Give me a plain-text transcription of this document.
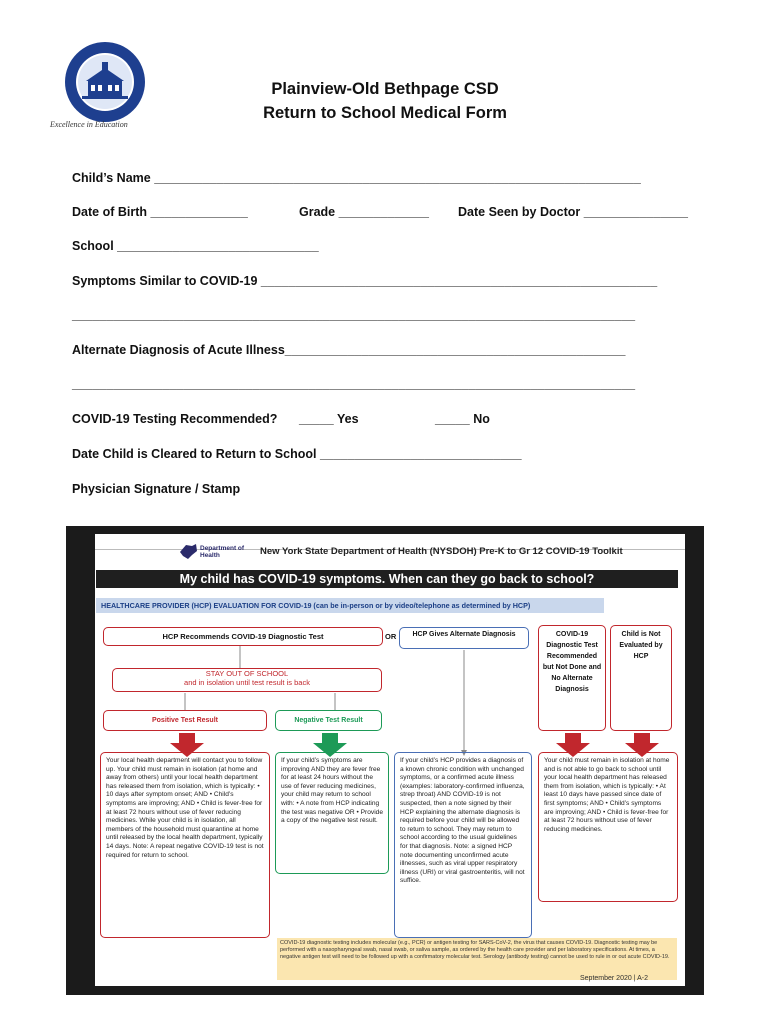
Excellence in Education
Plainview-Old Bethpage CSD
Return to School Medical Form
Child’s Name ______________________________________________________________________
Date of Birth ______________	Grade _____________ Date Seen by Doctor _______________
School _____________________________
Symptoms Similar to COVID-19 _________________________________________________________
_________________________________________________________________________________
Alternate Diagnosis of Acute Illness_________________________________________________
_________________________________________________________________________________
COVID-19 Testing Recommended? _____ Yes	_____ No
Date Child is Cleared to Return to School _____________________________
Physician Signature / Stamp
Department of Health	New York State Department of Health (NYSDOH) Pre-K to Gr 12 COVID-19 Toolkit
My child has COVID-19 symptoms. When can they go back to school?
HEALTHCARE PROVIDER (HCP) EVALUATION FOR COVID-19 (can be in-person or by video/telephone as determined by HCP)
HCP Recommends COVID-19 Diagnostic Test	OR	HCP Gives Alternate Diagnosis	COVID-19 Diagnostic Test Recommended but Not Done and No Alternate Diagnosis
Child is Not Evaluated by HCP
STAY OUT OF SCHOOL
and in isolation until test result is back
Positive Test Result	Negative Test Result
Your local health department will contact you to follow up. Your child must remain in isolation (at home and away from others) until your local health department has released them from isolation, which is typically: • 10 days after symptom onset; AND • Child’s symptoms are improving; AND • Child is fever-free for at least 72 hours without use of fever reducing medicines. While your child is in isolation, all members of the household must quarantine at home until released by the local health department, typically 14 days. Note: A repeat negative COVID-19 test is not required for return to school.
If your child’s symptoms are improving AND they are fever free for at least 24 hours without the use of fever reducing medicines, your child may return to school with: • A note from HCP indicating the test was negative OR • Provide a copy of the negative test result.
If your child’s HCP provides a diagnosis of a known chronic condition with unchanged symptoms, or a confirmed acute illness (examples: laboratory-confirmed influenza, strep throat) AND COVID-19 is not suspected, then a note signed by their HCP explaining the alternate diagnosis is required before your child will be allowed to return to school. They may return to school according to the usual guidelines for that diagnosis. Note: a signed HCP note documenting unconfirmed acute illnesses, such as viral upper respiratory illness (URI) or viral gastroenteritis, will not suffice.
Your child must remain in isolation at home and is not able to go back to school until your local health department has released them from isolation, which is typically: • At least 10 days have passed since date of first symptoms; AND • Child’s symptoms are improving; AND • Child is fever-free for at least 72 hours without use of fever reducing medicines.
COVID-19 diagnostic testing includes molecular (e.g., PCR) or antigen testing for SARS-CoV-2, the virus that causes COVID-19. Diagnostic testing may be performed with a nasopharyngeal swab, nasal swab, or saliva sample, as ordered by the health care provider and per laboratory specifications. At times, a negative antigen test will need to be followed up with a confirmatory molecular test. Serology (antibody testing) cannot be used to rule in or out acute COVID-19.
September 2020 | A-2
